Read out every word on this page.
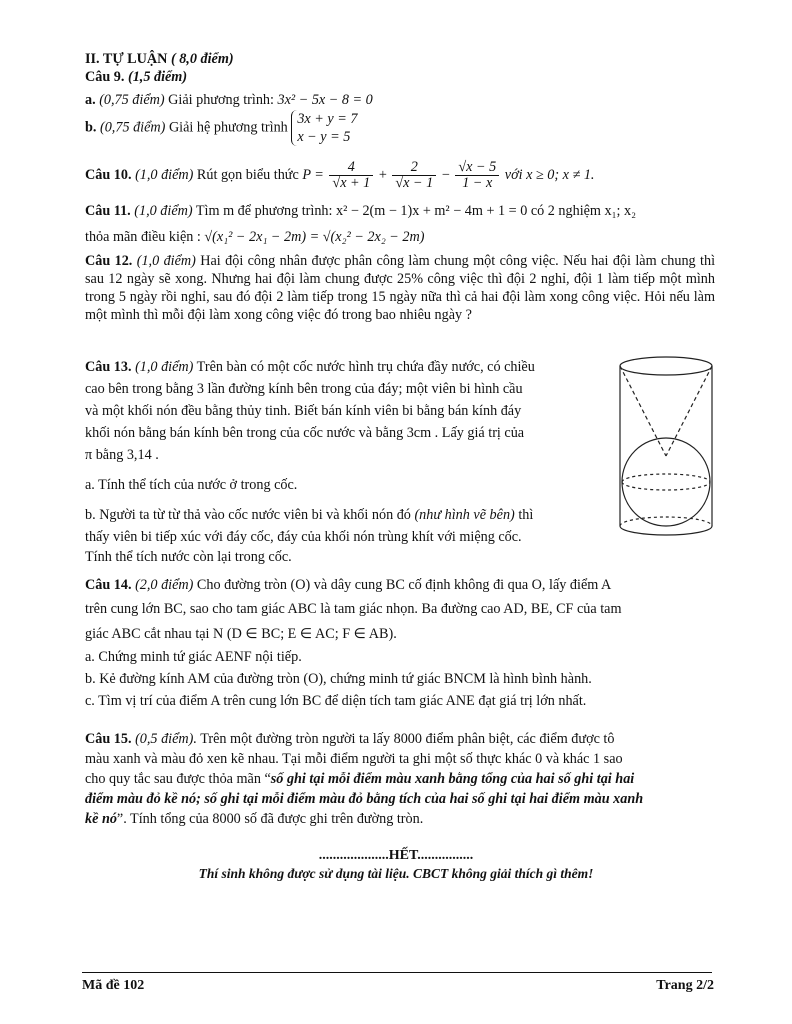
II. TỰ LUẬN ( 8,0 điểm)
Câu 9. (1,5 điểm)
a. (0,75 điểm) Giải phương trình: 3x² − 5x − 8 = 0
b. (0,75 điểm) Giải hệ phương trình
3x + y = 7
x − y = 5
Câu 10. (1,0 điểm) Rút gọn biểu thức $P = \frac{4}{√x + 1} + \frac{2}{√x - 1} - \frac{√x - 5}{1 - x}$ với x ≥ 0; x ≠ 1.
Câu 11. (1,0 điểm) Tìm m để phương trình: x² − 2(m − 1)x + m² − 4m + 1 = 0 có 2 nghiệm x₁; x₂
thỏa mãn điều kiện : √(x₁² − 2x₁ − 2m) = √(x₂² − 2x₂ − 2m)
Câu 12. (1,0 điểm) Hai đội công nhân được phân công làm chung một công việc. Nếu hai đội làm chung thì sau 12 ngày sẽ xong. Nhưng hai đội làm chung được 25% công việc thì đội 2 nghỉ, đội 1 làm tiếp một mình trong 5 ngày rồi nghỉ, sau đó đội 2 làm tiếp trong 15 ngày nữa thì cả hai đội làm xong công việc. Hỏi nếu làm một mình thì mỗi đội làm xong công việc đó trong bao nhiêu ngày ?
Câu 13. (1,0 điểm) Trên bàn có một cốc nước hình trụ chứa đầy nước, có chiều
cao bên trong bằng 3 lần đường kính bên trong của đáy; một viên bi hình cầu
và một khối nón đều bằng thủy tinh. Biết bán kính viên bi bằng bán kính đáy
khối nón bằng bán kính bên trong của cốc nước và bằng 3cm . Lấy giá trị của
π bằng 3,14 .
a. Tính thể tích của nước ở trong cốc.
b. Người ta từ từ thả vào cốc nước viên bi và khối nón đó (như hình vẽ bên) thì
thấy viên bi tiếp xúc với đáy cốc, đáy của khối nón trùng khít với miệng cốc.
Tính thể tích nước còn lại trong cốc.
Câu 14. (2,0 điểm) Cho đường tròn (O) và dây cung BC cố định không đi qua O, lấy điểm A
trên cung lớn BC, sao cho tam giác ABC là tam giác nhọn. Ba đường cao AD, BE, CF của tam
giác ABC cắt nhau tại N (D ∈ BC; E ∈ AC; F ∈ AB).
a. Chứng minh tứ giác AENF nội tiếp.
b. Kẻ đường kính AM của đường tròn (O), chứng minh tứ giác BNCM là hình bình hành.
c. Tìm vị trí của điểm A trên cung lớn BC để diện tích tam giác ANE đạt giá trị lớn nhất.
Câu 15. (0,5 điểm). Trên một đường tròn người ta lấy 8000 điểm phân biệt, các điểm được tô
màu xanh và màu đỏ xen kẽ nhau. Tại mỗi điểm người ta ghi một số thực khác 0 và khác 1 sao
cho quy tắc sau được thỏa mãn “số ghi tại mỗi điểm màu xanh bằng tổng của hai số ghi tại hai
điểm màu đỏ kề nó; số ghi tại mỗi điểm màu đỏ bằng tích của hai số ghi tại hai điểm màu xanh
kề nó”. Tính tổng của 8000 số đã được ghi trên đường tròn.
....................HẾT................
Thí sinh không được sử dụng tài liệu. CBCT không giải thích gì thêm!
Mã đề 102	Trang 2/2
